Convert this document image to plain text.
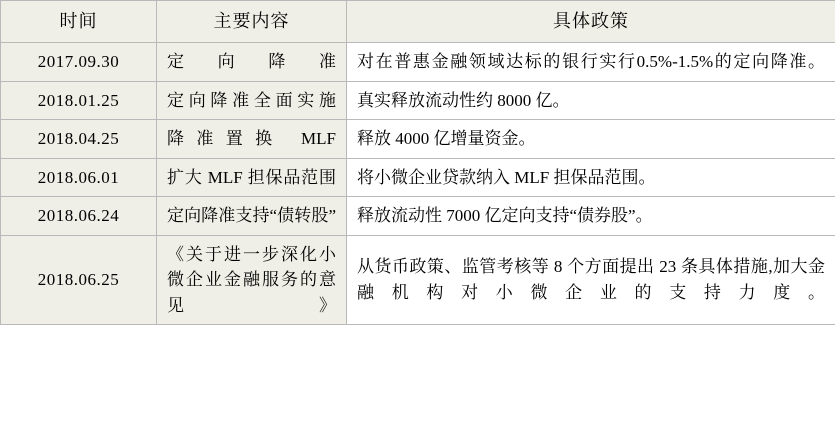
时间	主要内容	具体政策
2017.09.30	定向降准	对在普惠金融领域达标的银行实行0.5%-1.5%的定向降准。
2018.01.25	定向降准全面实施	真实释放流动性约 8000 亿。
2018.04.25	降准置换 MLF	释放 4000 亿增量资金。
2018.06.01	扩大 MLF 担保品范围	将小微企业贷款纳入 MLF 担保品范围。
2018.06.24	定向降准支持“债转股”	释放流动性 7000 亿定向支持“债券股”。
2018.06.25	《关于进一步深化小微企业金融服务的意见》	从货币政策、监管考核等 8 个方面提出 23 条具体措施,加大金融机构对小微企业的支持力度。
